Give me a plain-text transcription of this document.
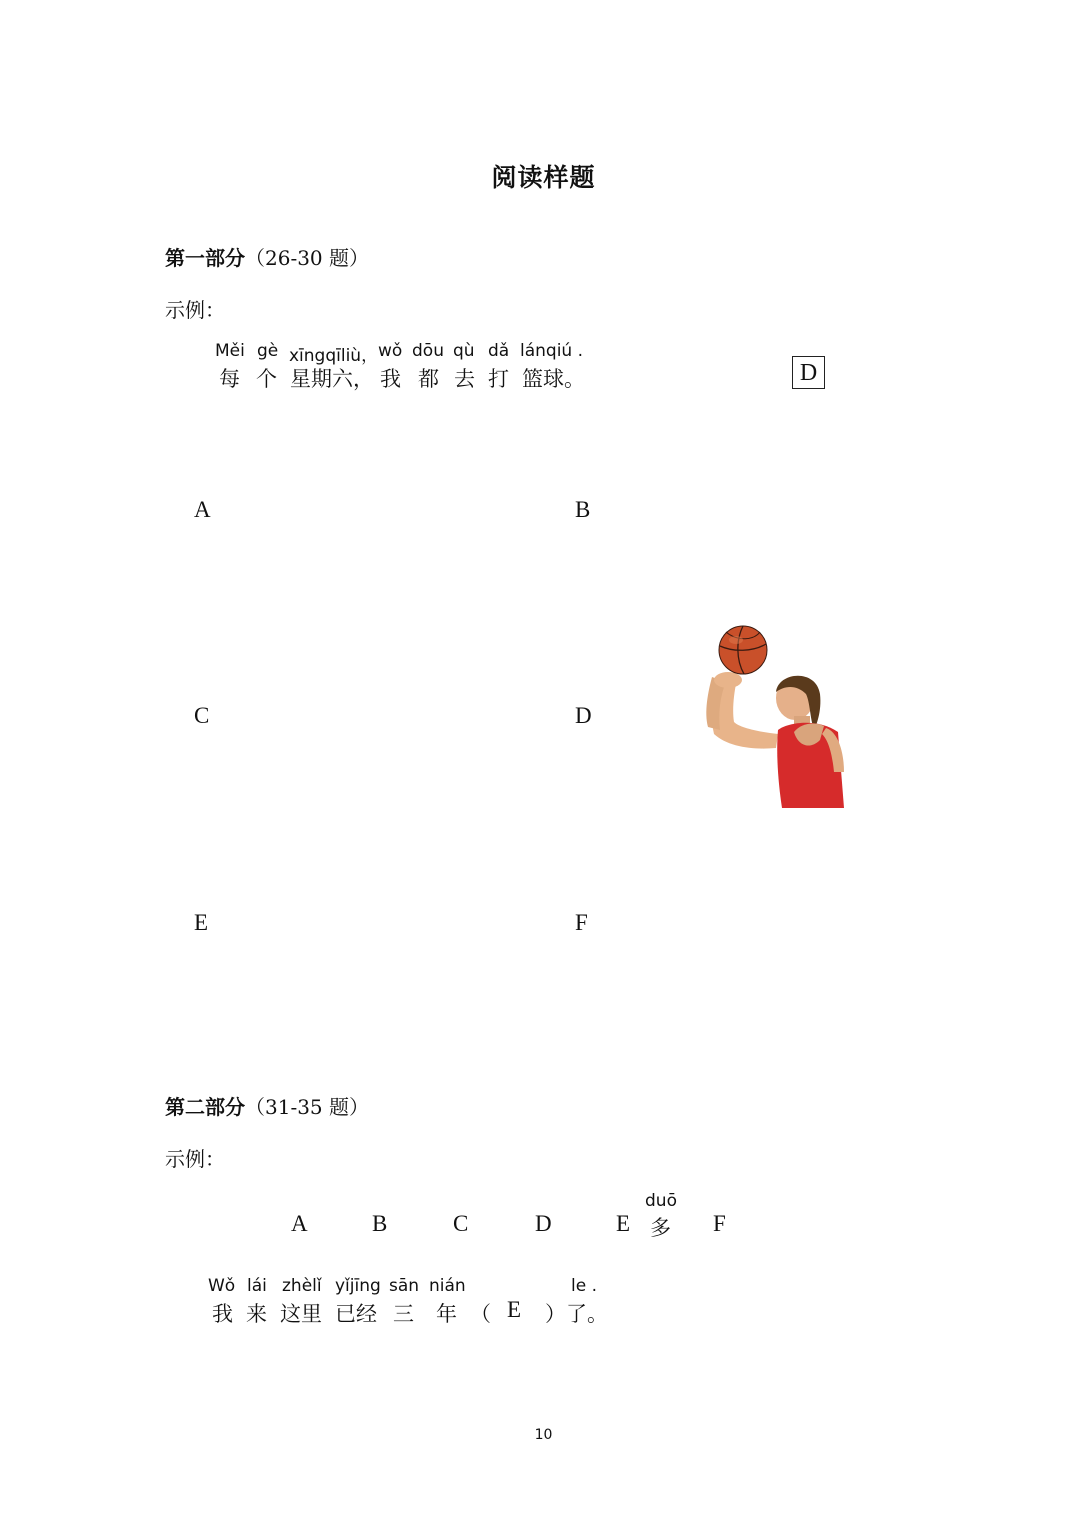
阅读样题
第一部分（26-30 题）
示例：
Měi gè xīngqīliù， wǒ dōu qù dǎ lánqiú .
每 个 星期六， 我 都 去 打 篮球。	D
A	B
C	D
E	F
第二部分（31-35 题）
示例：
A	B	C	D	E
duō
多 F
Wǒ lái zhèlǐ yǐjīng sān nián	le .
我 来 这里 已经 三 年 （ E ）了。
10
